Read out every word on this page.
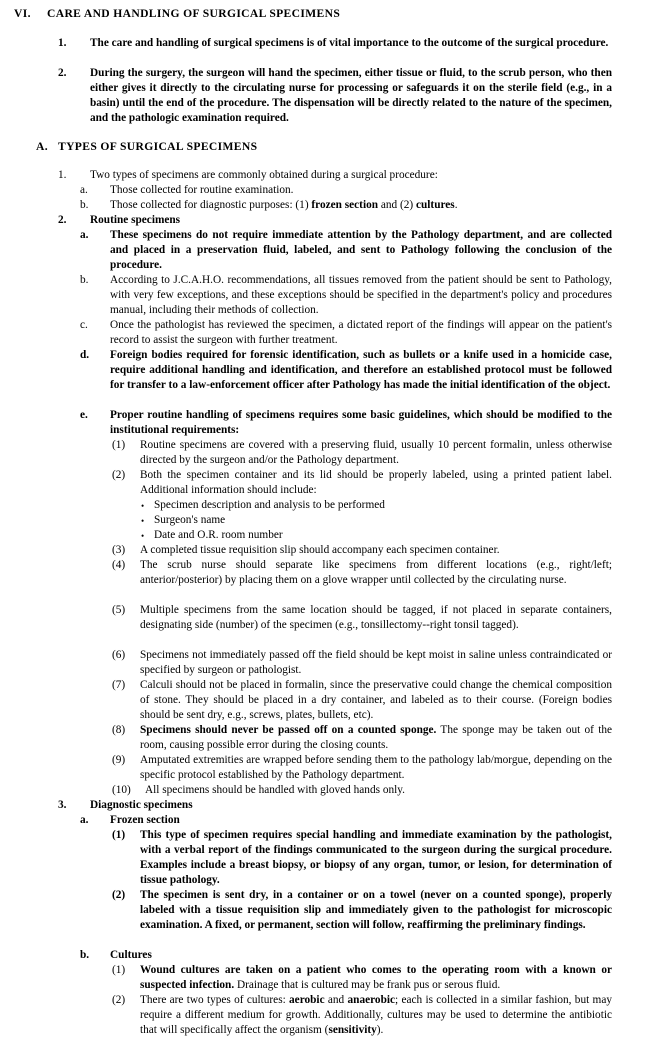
VI.	CARE AND HANDLING OF SURGICAL SPECIMENS
1.	The care and handling of surgical specimens is of vital importance to the outcome of the surgical procedure.
2.	During the surgery, the surgeon will hand the specimen, either tissue or fluid, to the scrub person, who then either gives it directly to the circulating nurse for processing or safeguards it on the sterile field (e.g., in a basin) until the end of the procedure. The dispensation will be directly related to the nature of the specimen, and the pathologic examination required.
A. TYPES OF SURGICAL SPECIMENS
1.	Two types of specimens are commonly obtained during a surgical procedure:
a.	Those collected for routine examination.
b.	Those collected for diagnostic purposes: (1) frozen section and (2) cultures.
2.	Routine specimens
a.	These specimens do not require immediate attention by the Pathology department, and are collected and placed in a preservation fluid, labeled, and sent to Pathology following the conclusion of the procedure.
b.	According to J.C.A.H.O. recommendations, all tissues removed from the patient should be sent to Pathology, with very few exceptions, and these exceptions should be specified in the department's policy and procedures manual, including their methods of collection.
c.	Once the pathologist has reviewed the specimen, a dictated report of the findings will appear on the patient's record to assist the surgeon with further treatment.
d.	Foreign bodies required for forensic identification, such as bullets or a knife used in a homicide case, require additional handling and identification, and therefore an established protocol must be followed for transfer to a law-enforcement officer after Pathology has made the initial identification of the object.
e.	Proper routine handling of specimens requires some basic guidelines, which should be modified to the institutional requirements:
(1)	Routine specimens are covered with a preserving fluid, usually 10 percent formalin, unless otherwise directed by the surgeon and/or the Pathology department.
(2)	Both the specimen container and its lid should be properly labeled, using a printed patient label. Additional information should include:
• Specimen description and analysis to be performed
• Surgeon's name
• Date and O.R. room number
(3)	A completed tissue requisition slip should accompany each specimen container.
(4)	The scrub nurse should separate like specimens from different locations (e.g., right/left; anterior/posterior) by placing them on a glove wrapper until collected by the circulating nurse.
(5)	Multiple specimens from the same location should be tagged, if not placed in separate containers, designating side (number) of the specimen (e.g., tonsillectomy--right tonsil tagged).
(6)	Specimens not immediately passed off the field should be kept moist in saline unless contraindicated or specified by surgeon or pathologist.
(7)	Calculi should not be placed in formalin, since the preservative could change the chemical composition of stone. They should be placed in a dry container, and labeled as to their course. (Foreign bodies should be sent dry, e.g., screws, plates, bullets, etc).
(8)	Specimens should never be passed off on a counted sponge. The sponge may be taken out of the room, causing possible error during the closing counts.
(9)	Amputated extremities are wrapped before sending them to the pathology lab/morgue, depending on the specific protocol established by the Pathology department.
(10)	All specimens should be handled with gloved hands only.
3.	Diagnostic specimens
a.	Frozen section
(1)	This type of specimen requires special handling and immediate examination by the pathologist, with a verbal report of the findings communicated to the surgeon during the surgical procedure. Examples include a breast biopsy, or biopsy of any organ, tumor, or lesion, for determination of tissue pathology.
(2)	The specimen is sent dry, in a container or on a towel (never on a counted sponge), properly labeled with a tissue requisition slip and immediately given to the pathologist for microscopic examination. A fixed, or permanent, section will follow, reaffirming the preliminary findings.
b.	Cultures
(1)	Wound cultures are taken on a patient who comes to the operating room with a known or suspected infection. Drainage that is cultured may be frank pus or serous fluid.
(2)	There are two types of cultures: aerobic and anaerobic; each is collected in a similar fashion, but may require a different medium for growth. Additionally, cultures may be used to determine the antibiotic that will specifically affect the organism (sensitivity).
